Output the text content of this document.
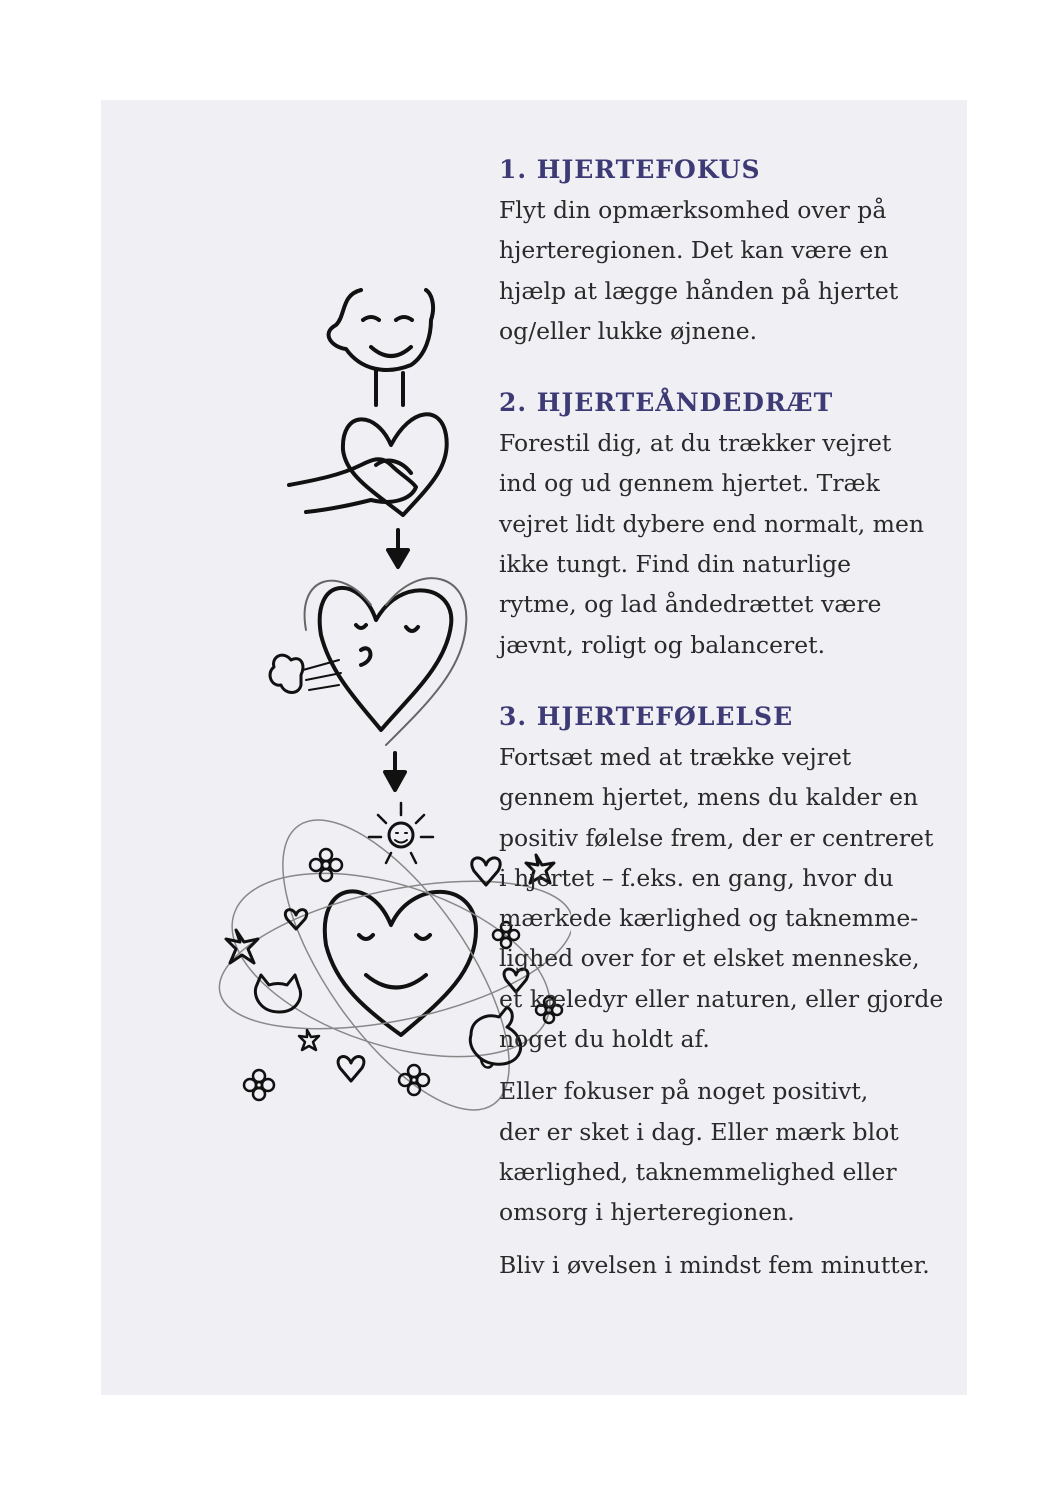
1. HJERTEFOKUS

Flyt din opmærksomhed over på
hjerteregionen. Det kan være en
hjælp at lægge hånden på hjertet
og/eller lukke øjnene.

2. HJERTEÅNDEDRÆT

Forestil dig, at du trækker vejret
ind og ud gennem hjertet. Træk
vejret lidt dybere end normalt, men
ikke tungt. Find din naturlige
rytme, og lad åndedrættet være
jævnt, roligt og balanceret.

3. HJERTEFØLELSE

Fortsæt med at trække vejret
gennem hjertet, mens du kalder en
positiv følelse frem, der er centreret
i hjertet – f.eks. en gang, hvor du
mærkede kærlighed og taknemme-
lighed over for et elsket menneske,
et kæledyr eller naturen, eller gjorde
noget du holdt af.

Eller fokuser på noget positivt,
der er sket i dag. Eller mærk blot
kærlighed, taknemmelighed eller
omsorg i hjerteregionen.

Bliv i øvelsen i mindst fem minutter.
